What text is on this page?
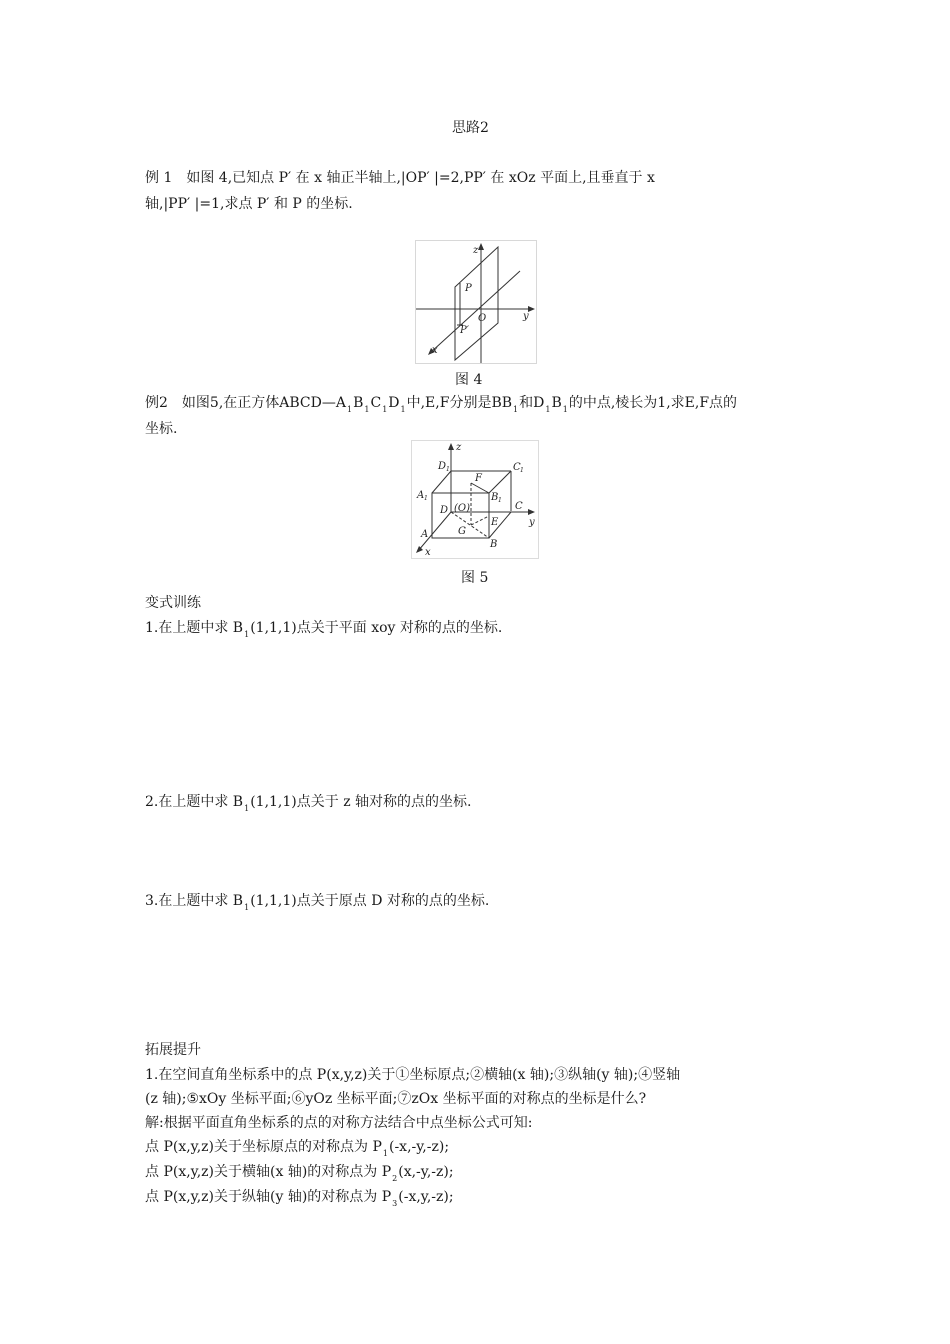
思路2
例 1　如图 4,已知点 P′ 在 x 轴正半轴上,|OP′ |=2,PP′ 在 xOz 平面上,且垂直于 x
轴,|PP′ |=1,求点 P′ 和 P 的坐标.
z
y
x
P
O
P′
图 4
例2　如图5,在正方体$ABCD—A_1B_1C_1D_1$中,E,F分别是$BB_1$和$D_1B_1$的中点,棱长为1,求E,F点的
坐标.
z
D 1	C 1
F
A 1	B 1
(O)
D
E
C
y
A	G
B
x
图 5
变式训练
1.在上题中求 $B_1(1,1,1)$点关于平面 xoy 对称的点的坐标.
2.在上题中求 $B_1(1,1,1)$点关于 z 轴对称的点的坐标.
3.在上题中求 $B_1(1,1,1)$点关于原点 D 对称的点的坐标.
拓展提升
1.在空间直角坐标系中的点 P(x,y,z)关于①坐标原点;②横轴(x 轴);③纵轴(y 轴);④竖轴
(z 轴);⑤xOy 坐标平面;⑥yOz 坐标平面;⑦zOx 坐标平面的对称点的坐标是什么?
解:根据平面直角坐标系的点的对称方法结合中点坐标公式可知:
点 P(x,y,z)关于坐标原点的对称点为 $P_1(-x,-y,-z)$;
点 P(x,y,z)关于横轴(x 轴)的对称点为 $P_2(x,-y,-z)$;
点 P(x,y,z)关于纵轴(y 轴)的对称点为 $P_3(-x,y,-z)$;
